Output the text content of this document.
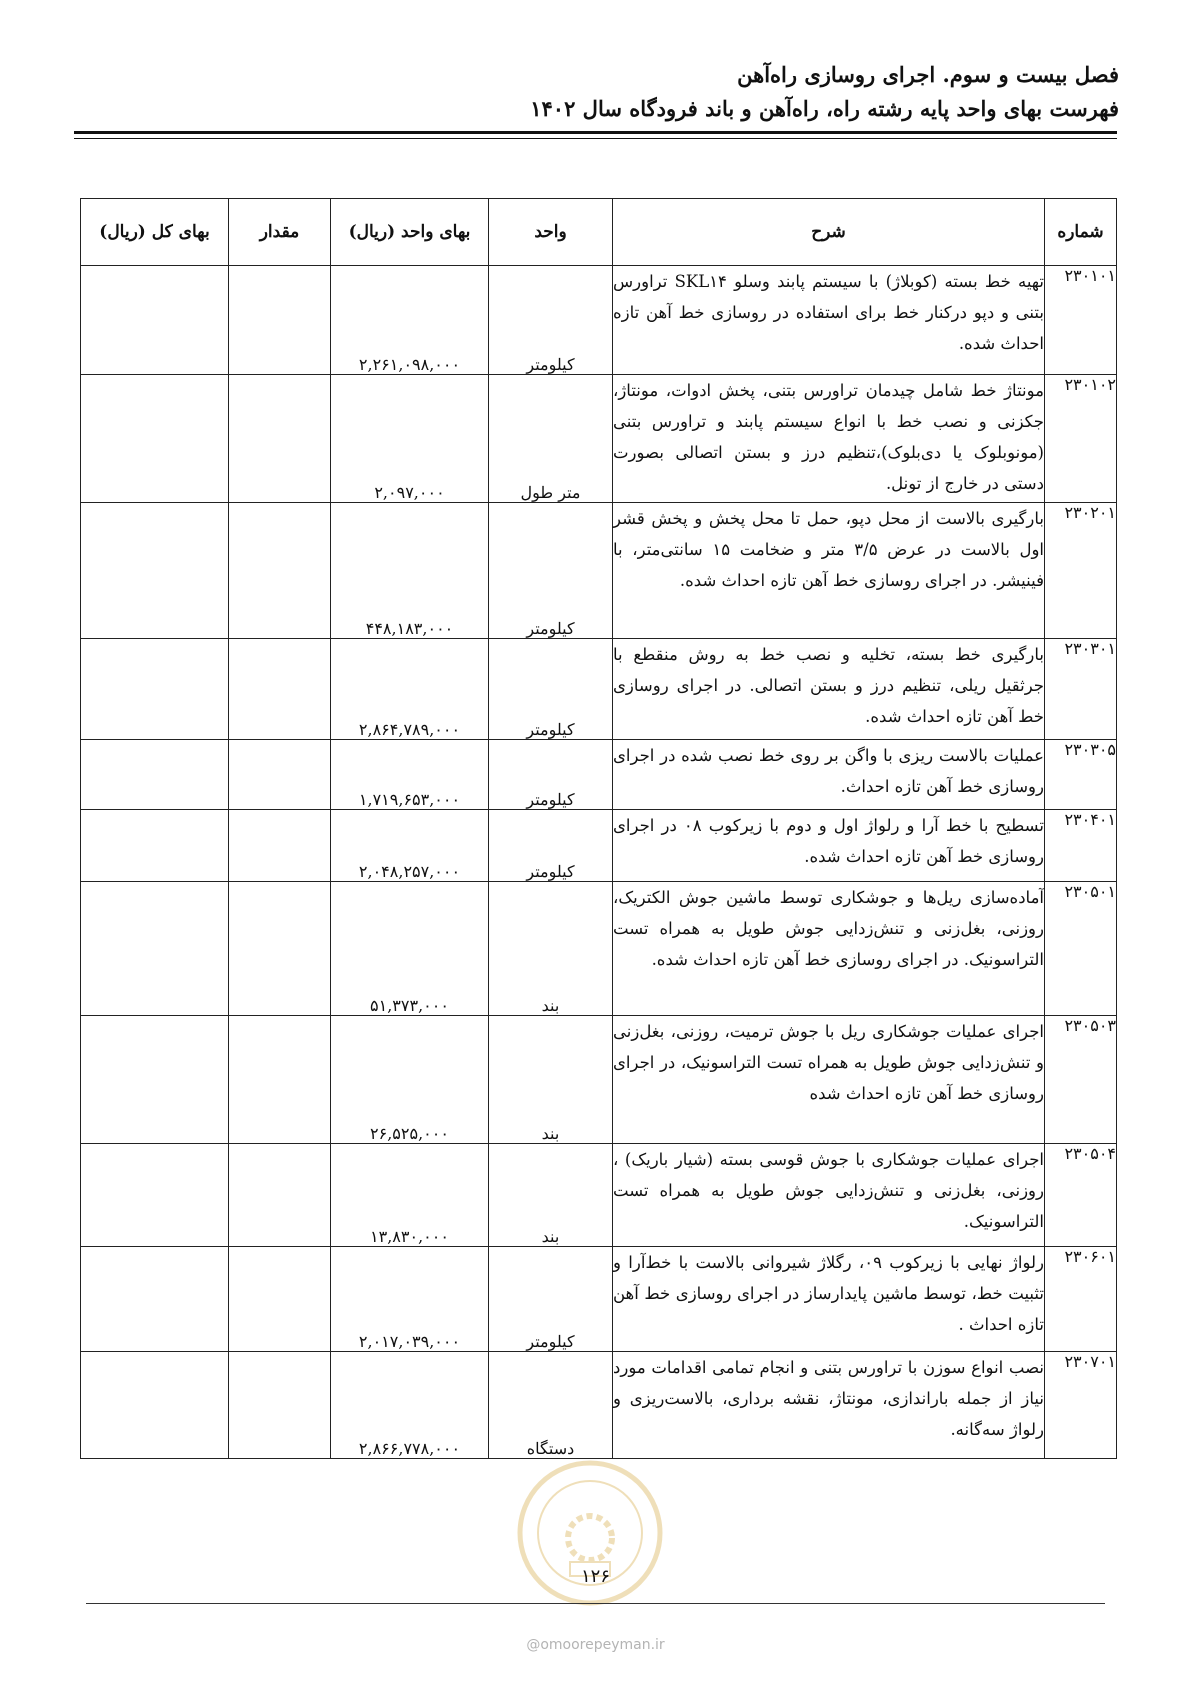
فصل بیست و سوم. اجرای روسازی راه‌آهن
فهرست بهای واحد پایه رشته راه، راه‌آهن و باند فرودگاه سال ۱۴۰۲
شماره	شرح	واحد	بهای واحد (ریال)	مقدار	بهای کل (ریال)
۲۳۰۱۰۱	تهیه خط بسته (کوبلاژ) با سیستم پابند وسلو SKL۱۴ تراورس بتنی و دپو در‌کنار خط برای استفاده در روسازی خط آهن تازه احداث شده.	کیلومتر	۲,۲۶۱,۰۹۸,۰۰۰		
۲۳۰۱۰۲	مونتاژ خط شامل چیدمان تراورس بتنی، پخش ادوات، مونتاژ، جکزنی و نصب خط با انواع سیستم پابند و تراورس بتنی (مونوبلوک یا دی‌بلوک)،تنظیم درز و بستن اتصالی بصورت دستی در خارج از تونل.	متر طول	۲,۰۹۷,۰۰۰		
۲۳۰۲۰۱	بارگیری بالاست از محل دپو، حمل تا محل پخش و پخش قشر اول بالاست در عرض ۳/۵ متر و ضخامت ۱۵ سانتی‌متر، با فینیشر. در اجرای روسازی خط آهن تازه احداث شده.	کیلومتر	۴۴۸,۱۸۳,۰۰۰		
۲۳۰۳۰۱	بارگیری خط بسته، تخلیه و نصب خط به روش منقطع با جرثقیل ریلی، تنظیم درز و بستن اتصالی. در اجرای روسازی خط آهن تازه احداث شده.	کیلومتر	۲,۸۶۴,۷۸۹,۰۰۰		
۲۳۰۳۰۵	عملیات بالاست ریزی با واگن بر روی خط نصب شده در اجرای روسازی خط آهن تازه احداث.	کیلومتر	۱,۷۱۹,۶۵۳,۰۰۰		
۲۳۰۴۰۱	تسطیح با خط آرا و رلواژ اول و دوم با زیرکوب ۰۸ در اجرای روسازی خط آهن تازه احداث شده.	کیلومتر	۲,۰۴۸,۲۵۷,۰۰۰		
۲۳۰۵۰۱	آماده‌سازی ریل‌ها و جوشکاری توسط ماشین جوش الکتریک، روزنی، بغل‌زنی و تنش‌زدایی جوش طویل به همراه تست التراسونیک. در اجرای روسازی خط آهن تازه احداث شده.	بند	۵۱,۳۷۳,۰۰۰		
۲۳۰۵۰۳	اجرای عملیات جوشکاری ریل با جوش ترمیت، روزنی، بغل‌زنی و تنش‌زدایی جوش طویل به همراه تست التراسونیک، در اجرای روسازی خط آهن تازه احداث شده	بند	۲۶,۵۲۵,۰۰۰		
۲۳۰۵۰۴	اجرای عملیات جوشکاری با جوش قوسی بسته (شیار باریک) ، روزنی، بغل‌زنی و تنش‌زدایی جوش طویل به همراه تست التراسونیک.	بند	۱۳,۸۳۰,۰۰۰		
۲۳۰۶۰۱	رلواژ نهایی با زیرکوب ۰۹، رگلاژ شیروانی بالاست با خط‌آرا و تثبیت خط، توسط ماشین پایدارساز در اجرای روسازی خط آهن تازه احداث .	کیلومتر	۲,۰۱۷,۰۳۹,۰۰۰		
۲۳۰۷۰۱	نصب انواع سوزن با تراورس بتنی و انجام تمامی اقدامات مورد نیاز از جمله باراندازی، مونتاژ، نقشه برداری، بالاست‌ریزی و رلواژ سه‌گانه.	دستگاه	۲,۸۶۶,۷۷۸,۰۰۰		
۱۲۶
@omoorepeyman.ir
